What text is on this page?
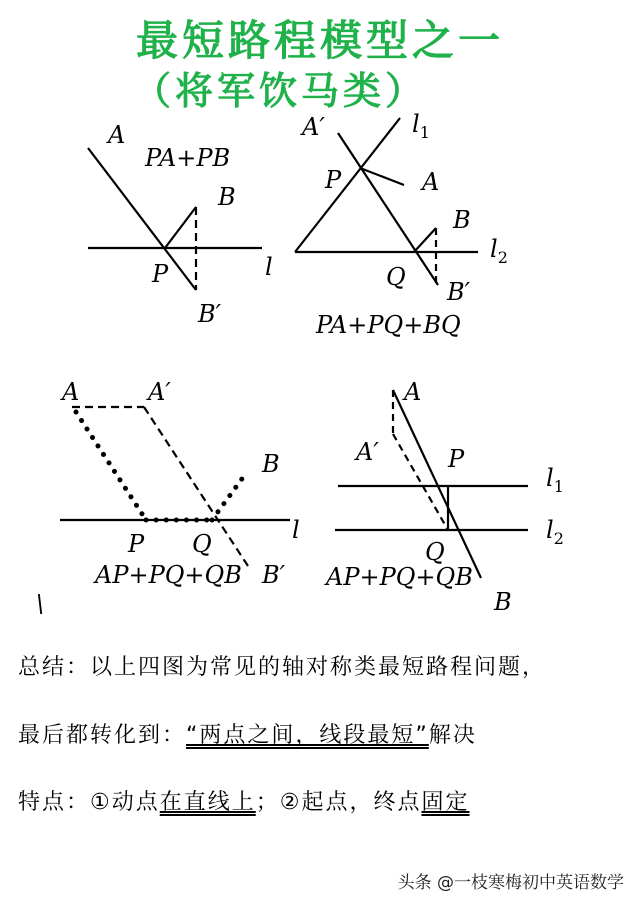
最短路程模型之一
（将军饮马类）
A
PA+PB
B
P	l
B′
A′	$l_1$
P	A
B
$l_2$
Q
B′
PA+PQ+BQ
A	A′
B
l
P Q
AP+PQ+QB B′
\
A
A′	P
$l_1$
$l_2$
Q
AP+PQ+QB
B
总结：以上四图为常见的轴对称类最短路程问题，
最后都转化到：“两点之间，线段最短”解决
特点：①动点在直线上；②起点，终点固定
头条 @一枝寒梅初中英语数学
